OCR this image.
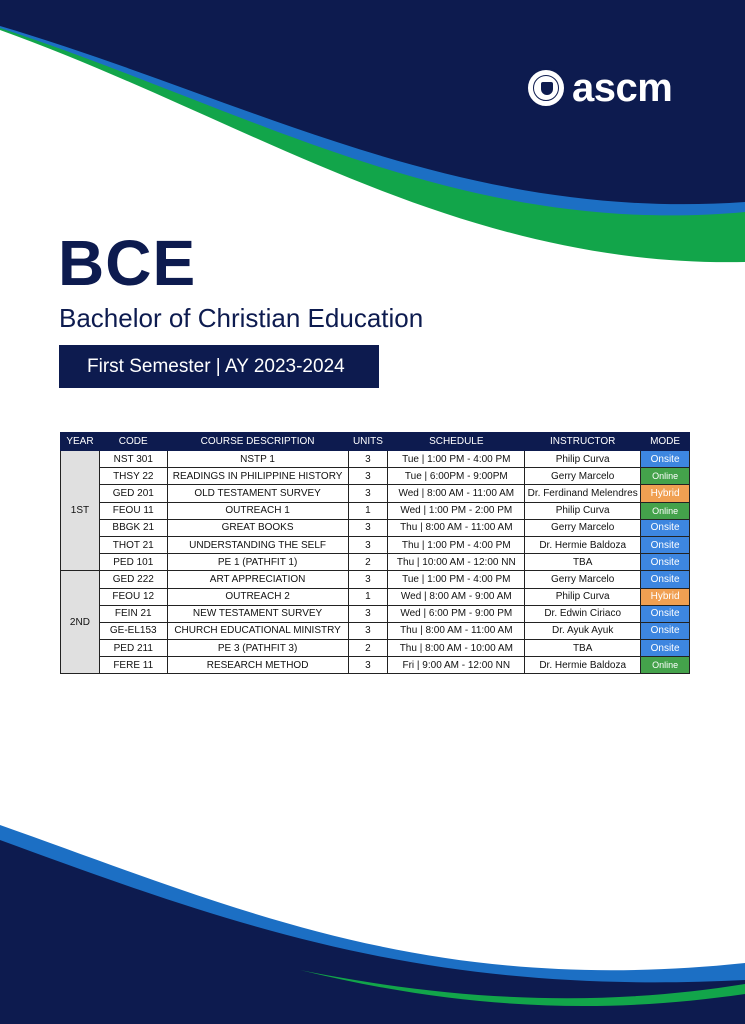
ascm
BCE
Bachelor of Christian Education
First Semester | AY 2023-2024
YEAR	CODE	COURSE DESCRIPTION	UNITS	SCHEDULE	INSTRUCTOR	MODE
1ST	NST 301	NSTP 1	3	Tue | 1:00 PM - 4:00 PM	Philip Curva	Onsite
	THSY 22	READINGS IN PHILIPPINE HISTORY	3	Tue | 6:00PM - 9:00PM	Gerry Marcelo	Online
	GED 201	OLD TESTAMENT SURVEY	3	Wed | 8:00 AM - 11:00 AM	Dr. Ferdinand Melendres	Hybrid
	FEOU 11	OUTREACH 1	1	Wed | 1:00 PM - 2:00 PM	Philip Curva	Online
	BBGK 21	GREAT BOOKS	3	Thu | 8:00 AM - 11:00 AM	Gerry Marcelo	Onsite
	THOT 21	UNDERSTANDING THE SELF	3	Thu | 1:00 PM - 4:00 PM	Dr. Hermie Baldoza	Onsite
	PED 101	PE 1 (PATHFIT 1)	2	Thu | 10:00 AM - 12:00 NN	TBA	Onsite
2ND	GED 222	ART APPRECIATION	3	Tue | 1:00 PM - 4:00 PM	Gerry Marcelo	Onsite
	FEOU 12	OUTREACH 2	1	Wed | 8:00 AM - 9:00 AM	Philip Curva	Hybrid
	FEIN 21	NEW TESTAMENT SURVEY	3	Wed | 6:00 PM - 9:00 PM	Dr. Edwin Ciriaco	Onsite
	GE-EL153	CHURCH EDUCATIONAL MINISTRY	3	Thu | 8:00 AM - 11:00 AM	Dr. Ayuk Ayuk	Onsite
	PED 211	PE 3 (PATHFIT 3)	2	Thu | 8:00 AM - 10:00 AM	TBA	Onsite
	FERE 11	RESEARCH METHOD	3	Fri | 9:00 AM - 12:00 NN	Dr. Hermie Baldoza	Online
